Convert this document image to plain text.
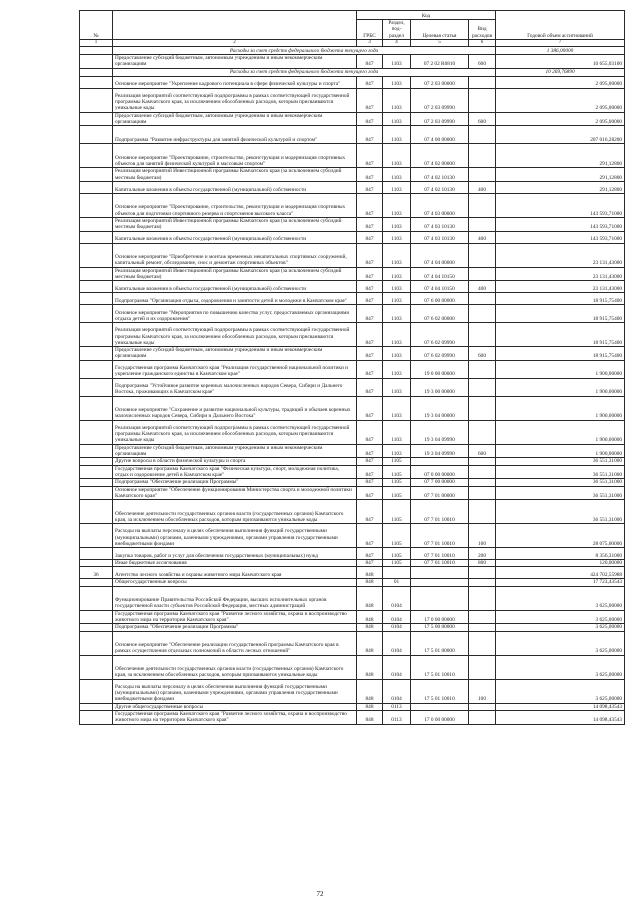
№		Код				Годовой объем ассигнований
		ГРБС	Раздел, под-раздел	Целевая статья	Вид расходов	
1	2	3	4	5	6	7
	Расходы за счет средств федерального бюджета текущего года					1 386,00000
	Предоставление субсидий бюджетным, автономным учреждениям и иным некоммерческим организациям	847	1103	07 2 02 R0810	600	10 655,03100
	Расходы за счет средств федерального бюджета текущего года					10 269,76890
	Основное мероприятие "Укрепление кадрового потенциала в сфере физической культуры и спорта"	847	1103	07 2 03 00000		2 095,00000
	Реализация мероприятий соответствующей подпрограммы в рамках соответствующей государственной программы Камчатского края, за исключением обособленных расходов, которым присваиваются уникальные коды	847	1103	07 2 03 09990		2 095,00000
	Предоставление субсидий бюджетным, автономным учреждениям и иным некоммерческим организациям	847	1103	07 2 03 09990	600	2 095,00000
	Подпрограмма "Развитие инфраструктуры для занятий физической культурой и спортом"	847	1103	07 4 00 00000		207 016,28200
	Основное мероприятие "Проектирование, строительство, реконструкция и модернизация спортивных объектов для занятий физической культурой и массовым спортом"	847	1103	07 4 02 00000		291,12800
	Реализация мероприятий Инвестиционной программы Камчатского края (за исключением субсидий местным бюджетам)	847	1103	07 4 02 10130		291,12800
	Капитальные вложения в объекты государственной (муниципальной) собственности	847	1103	07 4 02 10130	400	291,12800
	Основное мероприятие "Проектирование, строительство, реконструкция и модернизация спортивных объектов для подготовки спортивного резерва и спортсменов высокого класса"	847	1103	07 4 03 00000		143 593,71000
	Реализация мероприятий Инвестиционной программы Камчатского края (за исключением субсидий местным бюджетам)	847	1103	07 4 03 10130		143 593,71000
	Капитальные вложения в объекты государственной (муниципальной) собственности	847	1103	07 4 03 10130	400	143 593,71000
	Основное мероприятие "Приобретение и монтаж временных некапитальных спортивных сооружений, капитальный ремонт, обследование, снос и демонтаж спортивных объектов"	847	1103	07 4 04 00000		23 131,43000
	Реализация мероприятий Инвестиционной программы Камчатского края (за исключением субсидий местным бюджетам)	847	1103	07 4 04 10150		23 131,43000
	Капитальные вложения в объекты государственной (муниципальной) собственности	847	1103	07 4 04 10150	400	23 131,43000
	Подпрограмма "Организация отдыха, оздоровления и занятости детей и молодежи в Камчатском крае"	847	1103	07 6 00 00000		18 915,75400
	Основное мероприятие "Мероприятия по повышению качества услуг, предоставляемых организациями отдыха детей и их оздоровления"	847	1103	07 6 02 00000		18 915,75400
	Реализация мероприятий соответствующей подпрограммы в рамках соответствующей государственной программы Камчатского края, за исключением обособленных расходов, которым присваиваются уникальные коды	847	1103	07 6 02 09990		18 915,75400
	Предоставление субсидий бюджетным, автономным учреждениям и иным некоммерческим организациям	847	1103	07 6 02 09990	600	18 915,75400
	Государственная программа Камчатского края "Реализация государственной национальной политики и укрепление гражданского единства в Камчатском крае"	847	1103	19 0 00 00000		1 900,00000
	Подпрограмма "Устойчивое развитие коренных малочисленных народов Севера, Сибири и Дальнего Востока, проживающих в Камчатском крае"	847	1103	19 3 00 00000		1 900,00000
	Основное мероприятие "Сохранение и развитие национальной культуры, традиций и обычаев коренных малочисленных народов Севера, Сибири и Дальнего Востока"	847	1103	19 3 04 00000		1 900,00000
	Реализация мероприятий соответствующей подпрограммы в рамках соответствующей государственной программы Камчатского края, за исключением обособленных расходов, которым присваиваются уникальные коды	847	1103	19 3 04 09990		1 900,00000
	Предоставление субсидий бюджетным, автономным учреждениям и иным некоммерческим организациям	847	1103	19 3 04 09990	600	1 900,00000
	Другие вопросы в области физической культуры и спорта	847	1105			36 551,31000
	Государственная программа Камчатского края "Физическая культура, спорт, молодежная политика, отдых и оздоровление детей в Камчатском крае"	847	1105	07 0 00 00000		36 551,31000
	Подпрограмма "Обеспечение реализации Программы"	847	1105	07 7 00 00000		36 551,31000
	Основное мероприятие "Обеспечение функционирования Министерства спорта и молодежной политики Камчатского края"	847	1105	07 7 01 00000		36 551,31000
	Обеспечение деятельности государственных органов власти (государственных органов) Камчатского края, за исключением обособленных расходов, которым присваиваются уникальные коды	847	1105	07 7 01 10010		36 551,31000
	Расходы на выплаты персоналу в целях обеспечения выполнения функций государственными (муниципальными) органами, казенными учреждениями, органами управления государственными внебюджетными фондами	847	1105	07 7 01 10010	100	28 075,00000
	Закупка товаров, работ и услуг для обеспечения государственных (муниципальных) нужд	847	1105	07 7 01 10010	200	8 356,31000
	Иные бюджетные ассигнования	847	1105	07 7 01 10010	800	120,00000
36	Агентство лесного хозяйства и охраны животного мира Камчатского края	848				424 702,55988
	Общегосударственные вопросы	848	01			17 723,43543
	Функционирование Правительства Российской Федерации, высших исполнительных органов государственной власти субъектов Российской Федерации, местных администраций	848	0104			3 625,00000
	Государственная программа Камчатского края "Развитие лесного хозяйства, охрана и воспроизводство животного мира на территории Камчатского края"	848	0104	17 0 00 00000		3 625,00000
	Подпрограмма "Обеспечение реализации Программы"	848	0104	17 5 00 00000		3 625,00000
	Основное мероприятие "Обеспечение реализации государственной программы Камчатского края в рамках осуществления отдельных полномочий в области лесных отношений"	848	0104	17 5 01 00000		3 625,00000
	Обеспечение деятельности государственных органов власти (государственных органов) Камчатского края, за исключением обособленных расходов, которым присваиваются уникальные коды	848	0104	17 5 01 10010		3 625,00000
	Расходы на выплаты персоналу в целях обеспечения выполнения функций государственными (муниципальными) органами, казенными учреждениями, органами управления государственными внебюджетными фондами	848	0104	17 5 01 10010	100	3 625,00000
	Другие общегосударственные вопросы	848	0113			14 098,43543
	Государственная программа Камчатского края "Развитие лесного хозяйства, охрана и воспроизводство животного мира на территории Камчатского края"	848	0113	17 0 00 00000		14 098,43543
72
